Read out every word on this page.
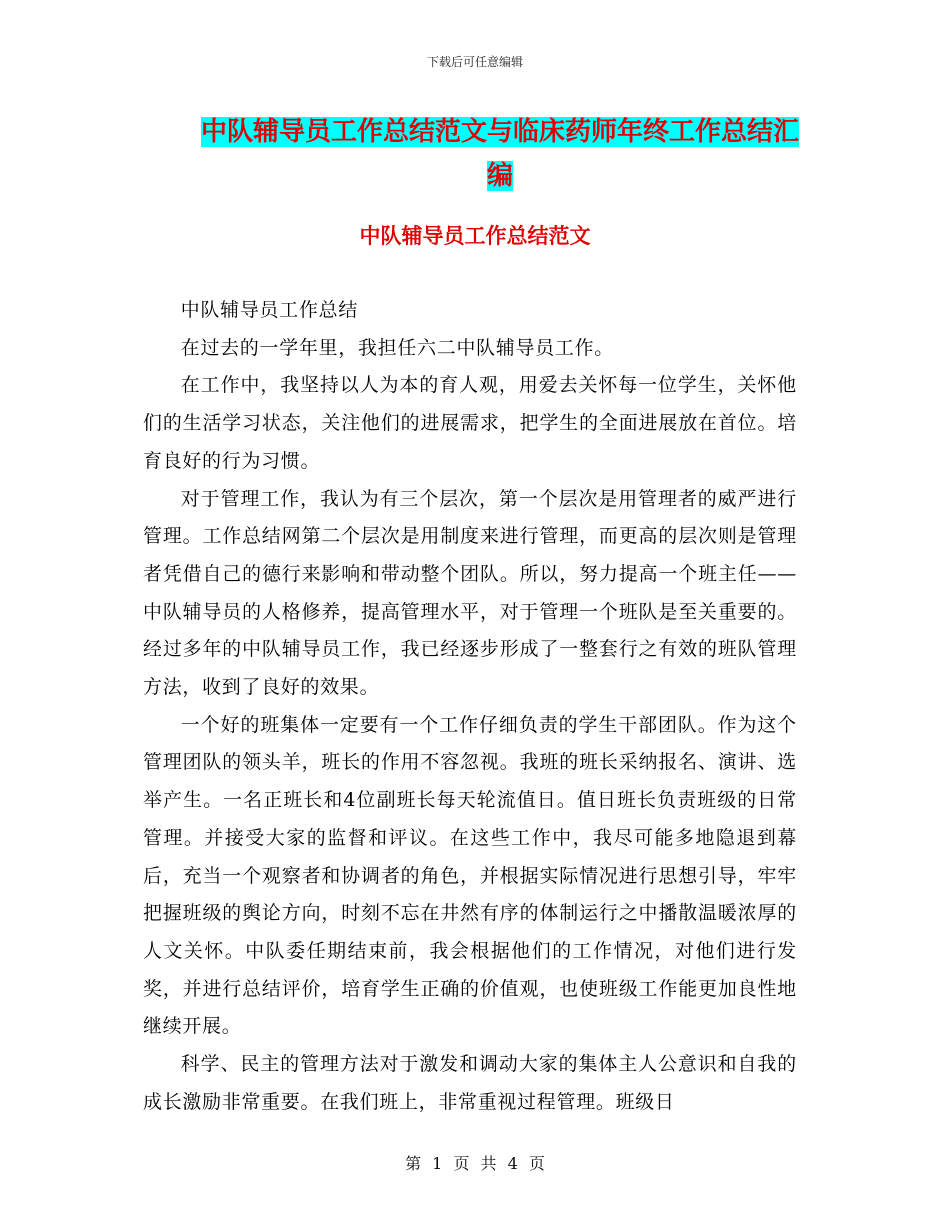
下载后可任意编辑
中队辅导员工作总结范文与临床药师年终工作总结汇
编
中队辅导员工作总结范文

中队辅导员工作总结

在过去的一学年里，我担任六二中队辅导员工作。

在工作中，我坚持以人为本的育人观，用爱去关怀每一位学生，关怀他们的生活学习状态，关注他们的进展需求，把学生的全面进展放在首位。培育良好的行为习惯。

对于管理工作，我认为有三个层次，第一个层次是用管理者的威严进行管理。工作总结网第二个层次是用制度来进行管理，而更高的层次则是管理者凭借自己的德行来影响和带动整个团队。所以，努力提高一个班主任——中队辅导员的人格修养，提高管理水平，对于管理一个班队是至关重要的。经过多年的中队辅导员工作，我已经逐步形成了一整套行之有效的班队管理方法，收到了良好的效果。

一个好的班集体一定要有一个工作仔细负责的学生干部团队。作为这个管理团队的领头羊，班长的作用不容忽视。我班的班长采纳报名、演讲、选举产生。一名正班长和4位副班长每天轮流值日。值日班长负责班级的日常管理。并接受大家的监督和评议。在这些工作中，我尽可能多地隐退到幕后，充当一个观察者和协调者的角色，并根据实际情况进行思想引导，牢牢把握班级的舆论方向，时刻不忘在井然有序的体制运行之中播散温暖浓厚的人文关怀。中队委任期结束前，我会根据他们的工作情况，对他们进行发奖，并进行总结评价，培育学生正确的价值观，也使班级工作能更加良性地继续开展。

科学、民主的管理方法对于激发和调动大家的集体主人公意识和自我的成长激励非常重要。在我们班上，非常重视过程管理。班级日

第 1 页 共 4 页
